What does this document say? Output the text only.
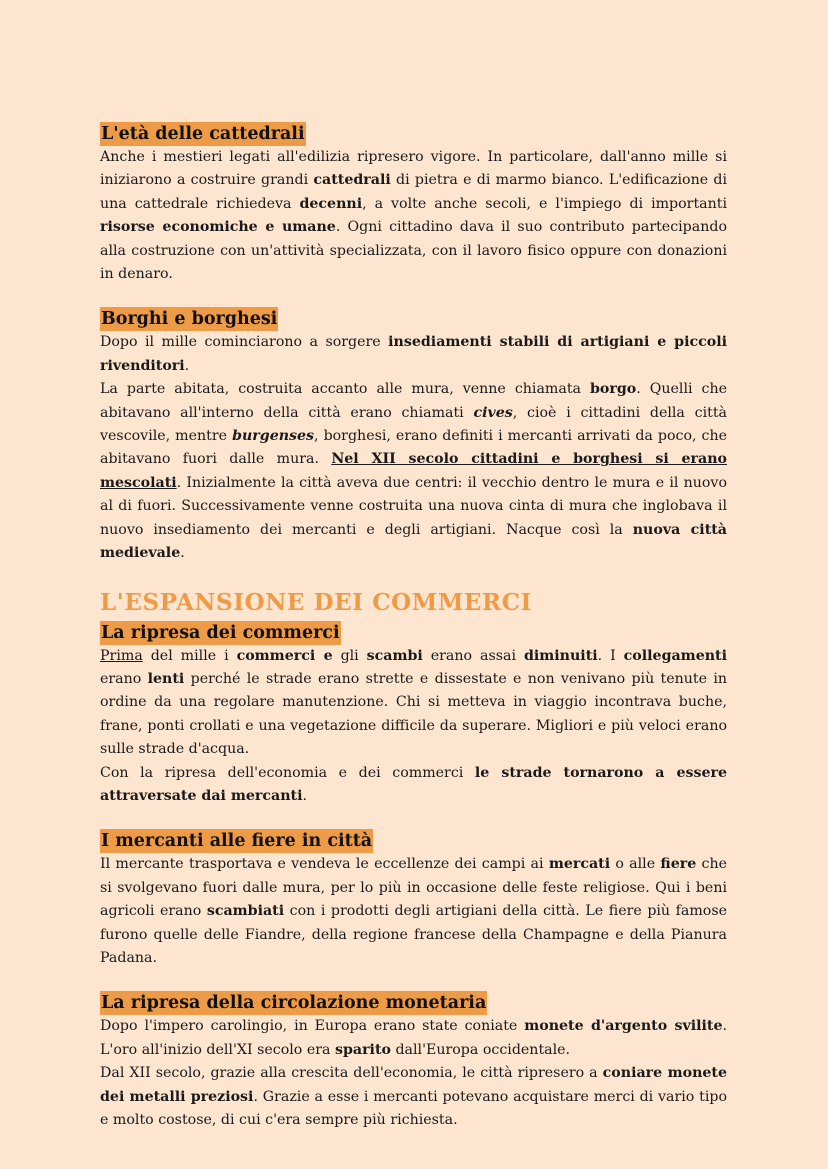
L'età delle cattedrali

Anche i mestieri legati all'edilizia ripresero vigore. In particolare, dall'anno mille si iniziarono a costruire grandi cattedrali di pietra e di marmo bianco. L'edificazione di una cattedrale richiedeva decenni, a volte anche secoli, e l'impiego di importanti risorse economiche e umane. Ogni cittadino dava il suo contributo partecipando alla costruzione con un'attività specializzata, con il lavoro fisico oppure con donazioni in denaro.

Borghi e borghesi

Dopo il mille cominciarono a sorgere insediamenti stabili di artigiani e piccoli rivenditori.

La parte abitata, costruita accanto alle mura, venne chiamata borgo. Quelli che abitavano all'interno della città erano chiamati cives, cioè i cittadini della città vescovile, mentre burgenses, borghesi, erano definiti i mercanti arrivati da poco, che abitavano fuori dalle mura. Nel XII secolo cittadini e borghesi si erano mescolati. Inizialmente la città aveva due centri: il vecchio dentro le mura e il nuovo al di fuori. Successivamente venne costruita una nuova cinta di mura che inglobava il nuovo insediamento dei mercanti e degli artigiani. Nacque così la nuova città medievale.

L'ESPANSIONE DEI COMMERCI
La ripresa dei commerci

Prima del mille i commerci e gli scambi erano assai diminuiti. I collegamenti erano lenti perché le strade erano strette e dissestate e non venivano più tenute in ordine da una regolare manutenzione. Chi si metteva in viaggio incontrava buche, frane, ponti crollati e una vegetazione difficile da superare. Migliori e più veloci erano sulle strade d'acqua.

Con la ripresa dell'economia e dei commerci le strade tornarono a essere attraversate dai mercanti.

I mercanti alle fiere in città

Il mercante trasportava e vendeva le eccellenze dei campi ai mercati o alle fiere che si svolgevano fuori dalle mura, per lo più in occasione delle feste religiose. Qui i beni agricoli erano scambiati con i prodotti degli artigiani della città. Le fiere più famose furono quelle delle Fiandre, della regione francese della Champagne e della Pianura Padana.

La ripresa della circolazione monetaria

Dopo l'impero carolingio, in Europa erano state coniate monete d'argento svilite. L'oro all'inizio dell'XI secolo era sparito dall'Europa occidentale.

Dal XII secolo, grazie alla crescita dell'economia, le città ripresero a coniare monete dei metalli preziosi. Grazie a esse i mercanti potevano acquistare merci di vario tipo e molto costose, di cui c'era sempre più richiesta.
